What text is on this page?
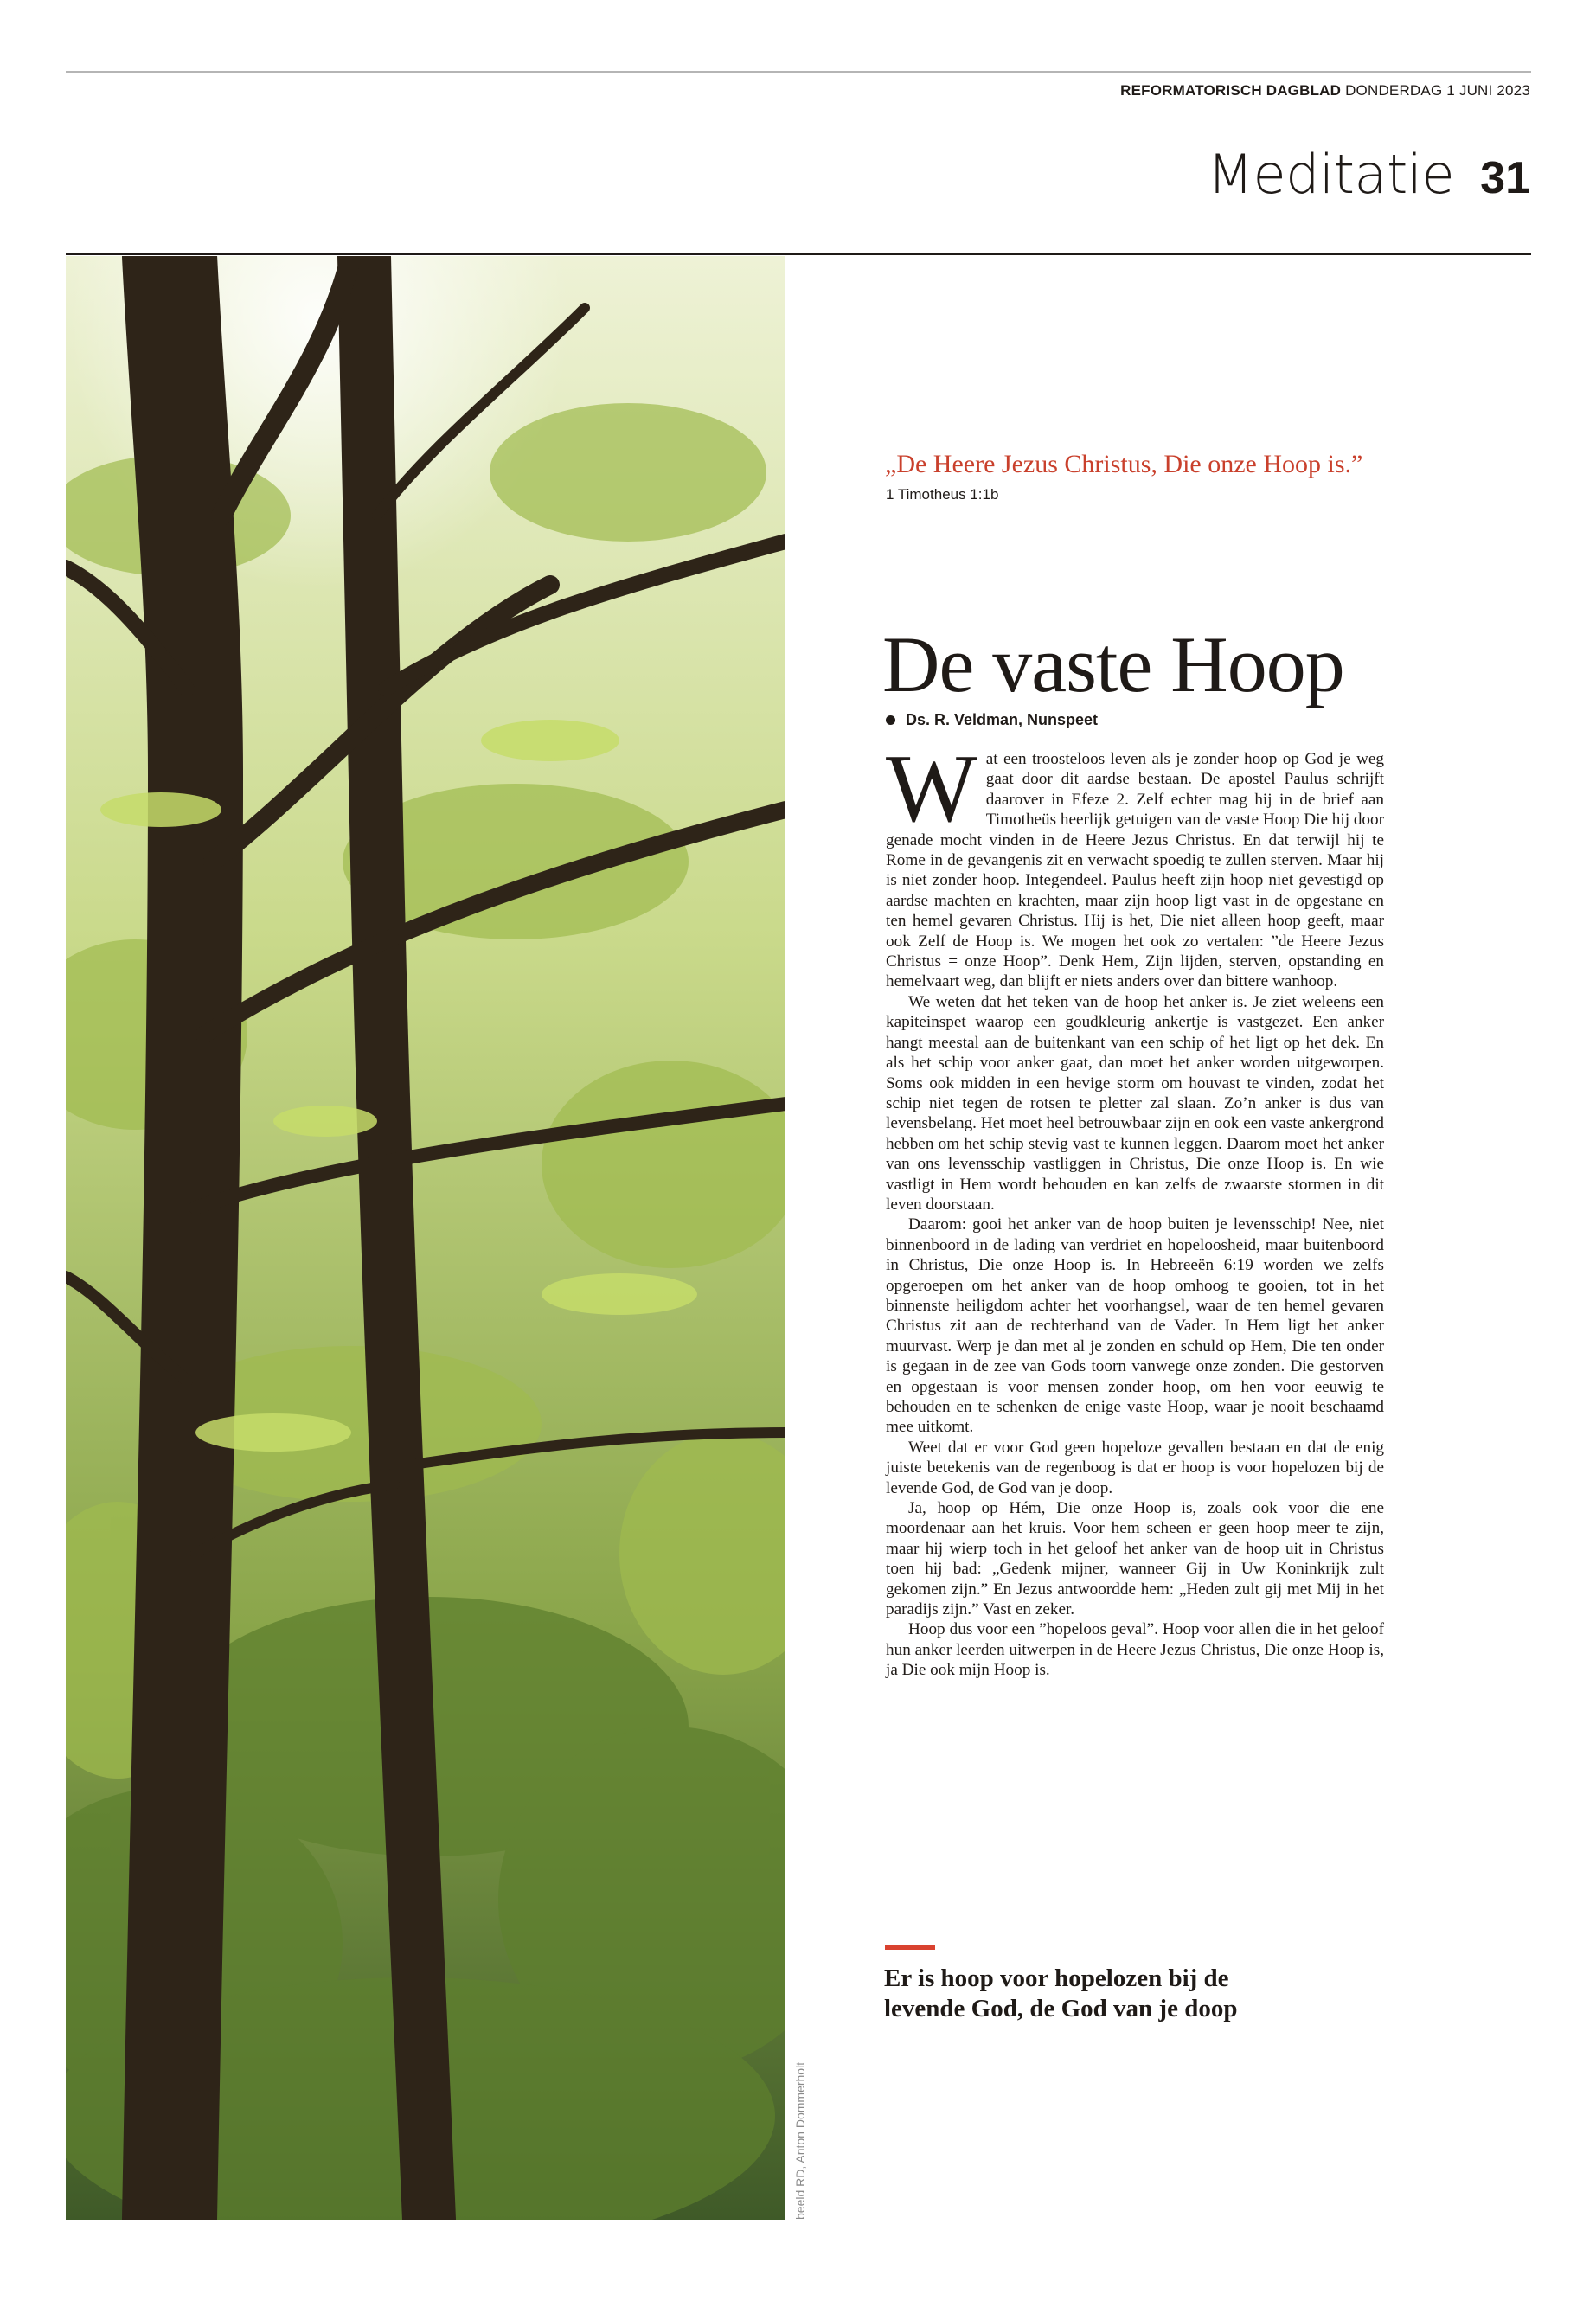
REFORMATORISCH DAGBLAD DONDERDAG 1 JUNI 2023
Meditatie 31
beeld RD, Anton Dommerholt
„De Heere Jezus Christus, Die onze Hoop is.”
1 Timotheus 1:1b
De vaste Hoop
Ds. R. Veldman, Nunspeet

Wat een troosteloos leven als je zonder hoop op God je weg gaat door dit aardse bestaan. De apostel Paulus schrijft daarover in Efeze 2. Zelf echter mag hij in de brief aan Timotheüs heerlijk getuigen van de vaste Hoop Die hij door genade mocht vinden in de Heere Jezus Christus. En dat terwijl hij te Rome in de gevangenis zit en verwacht spoedig te zullen sterven. Maar hij is niet zonder hoop. Integendeel. Paulus heeft zijn hoop niet gevestigd op aardse machten en krachten, maar zijn hoop ligt vast in de opgestane en ten hemel gevaren Christus. Hij is het, Die niet alleen hoop geeft, maar ook Zelf de Hoop is. We mogen het ook zo vertalen: ”de Heere Jezus Christus = onze Hoop”. Denk Hem, Zijn lijden, sterven, opstanding en hemelvaart weg, dan blijft er niets anders over dan bittere wanhoop.

We weten dat het teken van de hoop het anker is. Je ziet weleens een kapiteinspet waarop een goudkleurig ankertje is vastgezet. Een anker hangt meestal aan de buitenkant van een schip of het ligt op het dek. En als het schip voor anker gaat, dan moet het anker worden uitgeworpen. Soms ook midden in een hevige storm om houvast te vinden, zodat het schip niet tegen de rotsen te pletter zal slaan. Zo’n anker is dus van levensbelang. Het moet heel betrouwbaar zijn en ook een vaste ankergrond hebben om het schip stevig vast te kunnen leggen. Daarom moet het anker van ons levensschip vastliggen in Christus, Die onze Hoop is. En wie vastligt in Hem wordt behouden en kan zelfs de zwaarste stormen in dit leven doorstaan.

Daarom: gooi het anker van de hoop buiten je levensschip! Nee, niet binnenboord in de lading van verdriet en hopeloosheid, maar buitenboord in Christus, Die onze Hoop is. In Hebreeën 6:19 worden we zelfs opgeroepen om het anker van de hoop omhoog te gooien, tot in het binnenste heiligdom achter het voorhangsel, waar de ten hemel gevaren Christus zit aan de rechterhand van de Vader. In Hem ligt het anker muurvast. Werp je dan met al je zonden en schuld op Hem, Die ten onder is gegaan in de zee van Gods toorn vanwege onze zonden. Die gestorven en opgestaan is voor mensen zonder hoop, om hen voor eeuwig te behouden en te schenken de enige vaste Hoop, waar je nooit beschaamd mee uitkomt.

Weet dat er voor God geen hopeloze gevallen bestaan en dat de enig juiste betekenis van de regenboog is dat er hoop is voor hopelozen bij de levende God, de God van je doop.

Ja, hoop op Hém, Die onze Hoop is, zoals ook voor die ene moordenaar aan het kruis. Voor hem scheen er geen hoop meer te zijn, maar hij wierp toch in het geloof het anker van de hoop uit in Christus toen hij bad: „Gedenk mijner, wanneer Gij in Uw Koninkrijk zult gekomen zijn.” En Jezus antwoordde hem: „Heden zult gij met Mij in het paradijs zijn.” Vast en zeker.

Hoop dus voor een ”hopeloos geval”. Hoop voor allen die in het geloof hun anker leerden uitwerpen in de Heere Jezus Christus, Die onze Hoop is, ja Die ook mijn Hoop is.

Er is hoop voor hopelozen bij de levende God, de God van je doop
